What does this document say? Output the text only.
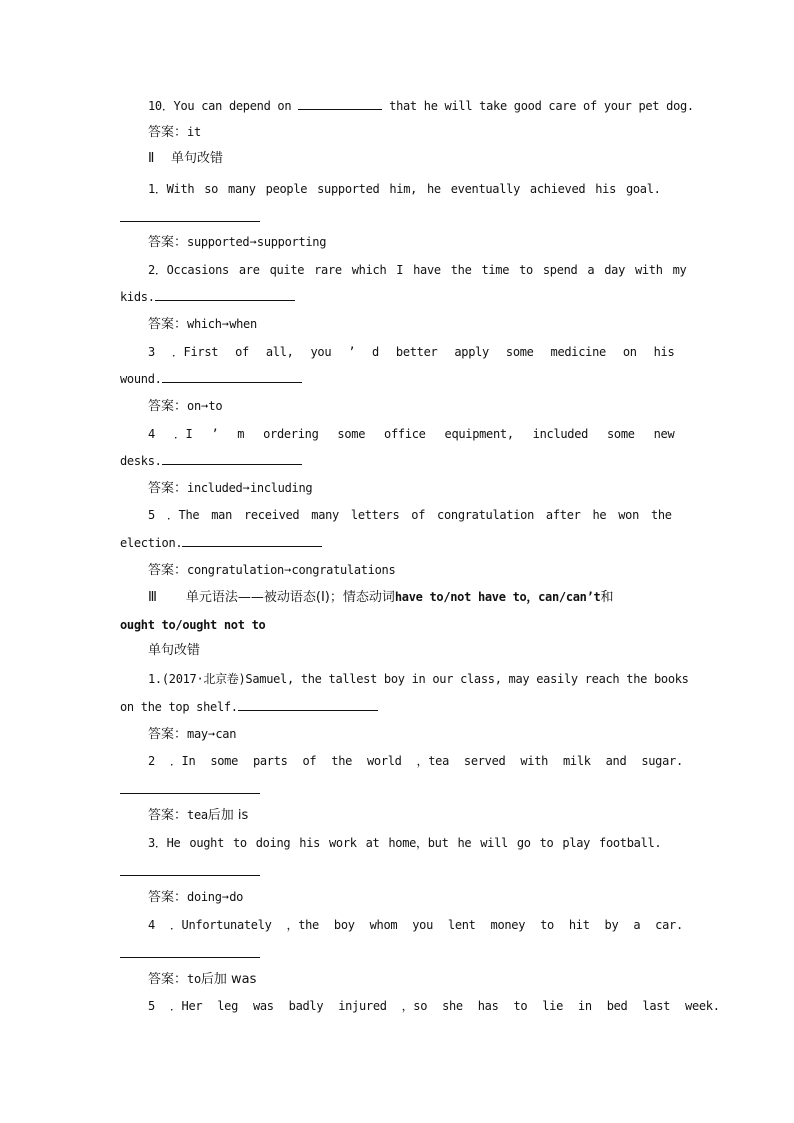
10．You can depend on	that he will take good care of your pet dog.
答案：it
Ⅱ 单句改错
1．With so many people supported him, he eventually achieved his goal.
答案：supported➞supporting
2．Occasions are quite rare which I have the time to spend a day with my
kids.
答案：which➞when
3 ．First of all, you ’ d better apply some medicine on his
wound.
答案：on➞to
4 ．I ’ m ordering some office equipment, included some new
desks.
答案：included➞including
5 ．The man received many letters of congratulation after he won the
election.
答案：congratulation➞congratulations
Ⅲ 单元语法——被动语态(Ⅰ)；情态动词have to/not have to，can/can’t和
ought to/ought not to
单句改错
1.(2017·北京卷)Samuel, the tallest boy in our class, may easily reach the books
on the top shelf.
答案：may➞can
2 ．In some parts of the world ，tea served with milk and sugar.
答案：tea后加 is
3．He ought to doing his work at home，but he will go to play football.
答案：doing➞do
4 ．Unfortunately ，the boy whom you lent money to hit by a car.
答案：to后加 was
5 ．Her leg was badly injured ，so she has to lie in bed last week.
